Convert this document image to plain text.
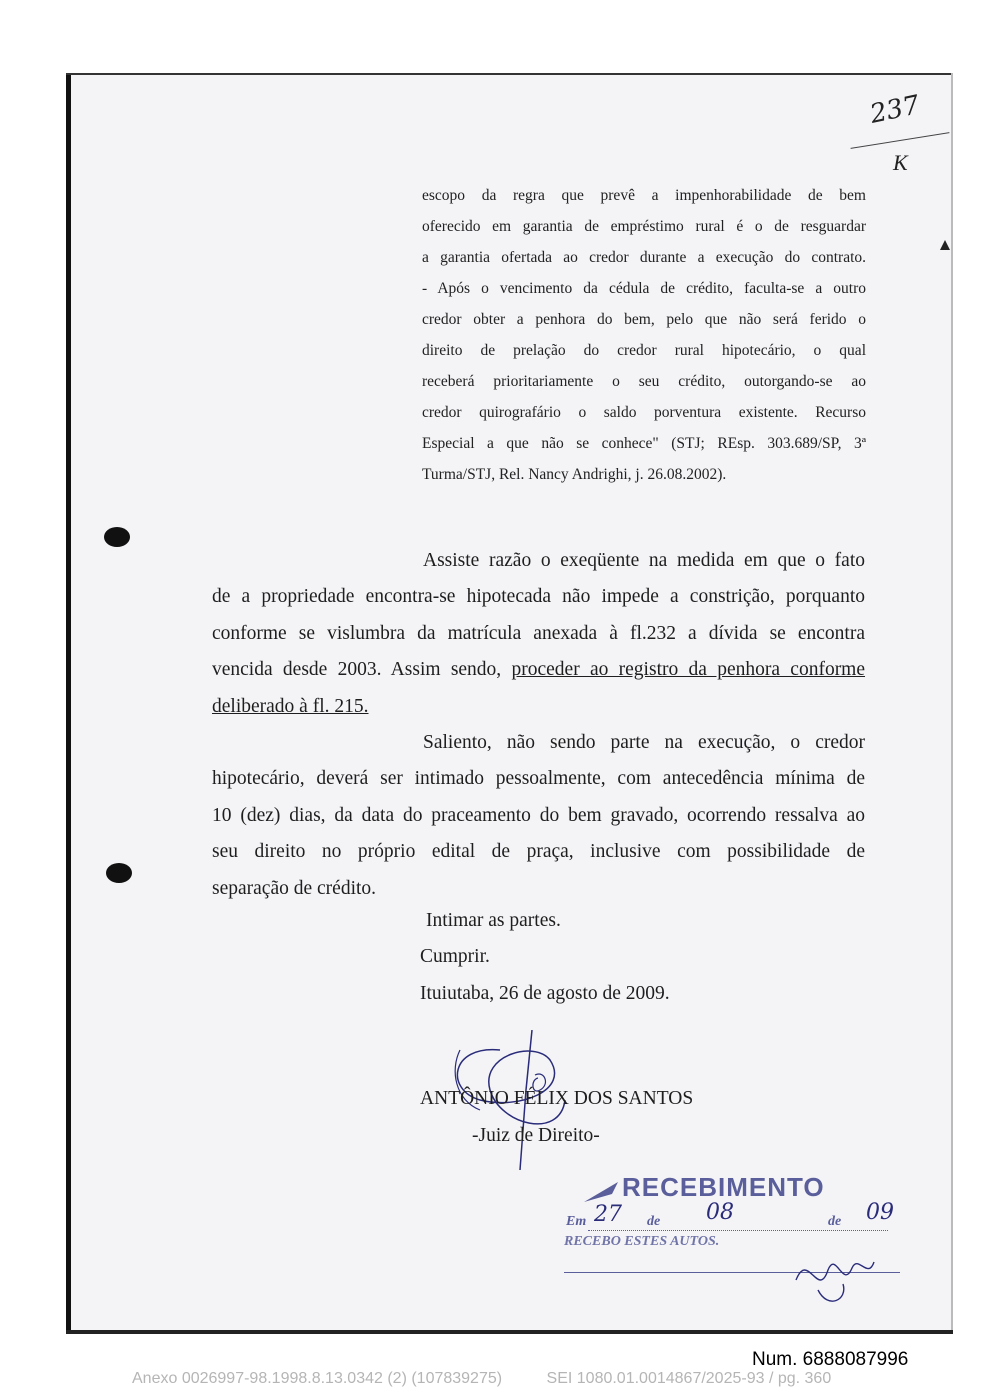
237
K

escopo da regra que prevê a impenhorabilidade de bem

oferecido em garantia de empréstimo rural é o de resguardar

a garantia ofertada ao credor durante a execução do contrato.

- Após o vencimento da cédula de crédito, faculta-se a outro

credor obter a penhora do bem, pelo que não será ferido o

direito de prelação do credor rural hipotecário, o qual

receberá prioritariamente o seu crédito, outorgando-se ao

credor quirografário o saldo porventura existente. Recurso

Especial a que não se conhece" (STJ; REsp. 303.689/SP, 3ª

Turma/STJ, Rel. Nancy Andrighi, j. 26.08.2002).

Assiste razão o exeqüente na medida em que o fato
de a propriedade encontra-se hipotecada não impede a constrição, porquanto
conforme se vislumbra da matrícula anexada à fl.232 a dívida se encontra
vencida desde 2003. Assim sendo, proceder ao registro da penhora conforme
deliberado à fl. 215.
Saliento, não sendo parte na execução, o credor
hipotecário, deverá ser intimado pessoalmente, com antecedência mínima de
10 (dez) dias, da data do praceamento do bem gravado, ocorrendo ressalva ao
seu direito no próprio edital de praça, inclusive com possibilidade de
separação de crédito.
Intimar as partes.
Cumprir.
Ituiutaba, 26 de agosto de 2009.
ANTÔNIO FÉLIX DOS SANTOS
-Juiz de Direito-
RECEBIMENTO
Em	de	de
27	08	09
RECEBO ESTES AUTOS.
Num. 6888087996
Anexo 0026997-98.1998.8.13.0342 (2) (107839275)	SEI 1080.01.0014867/2025-93 / pg. 360
